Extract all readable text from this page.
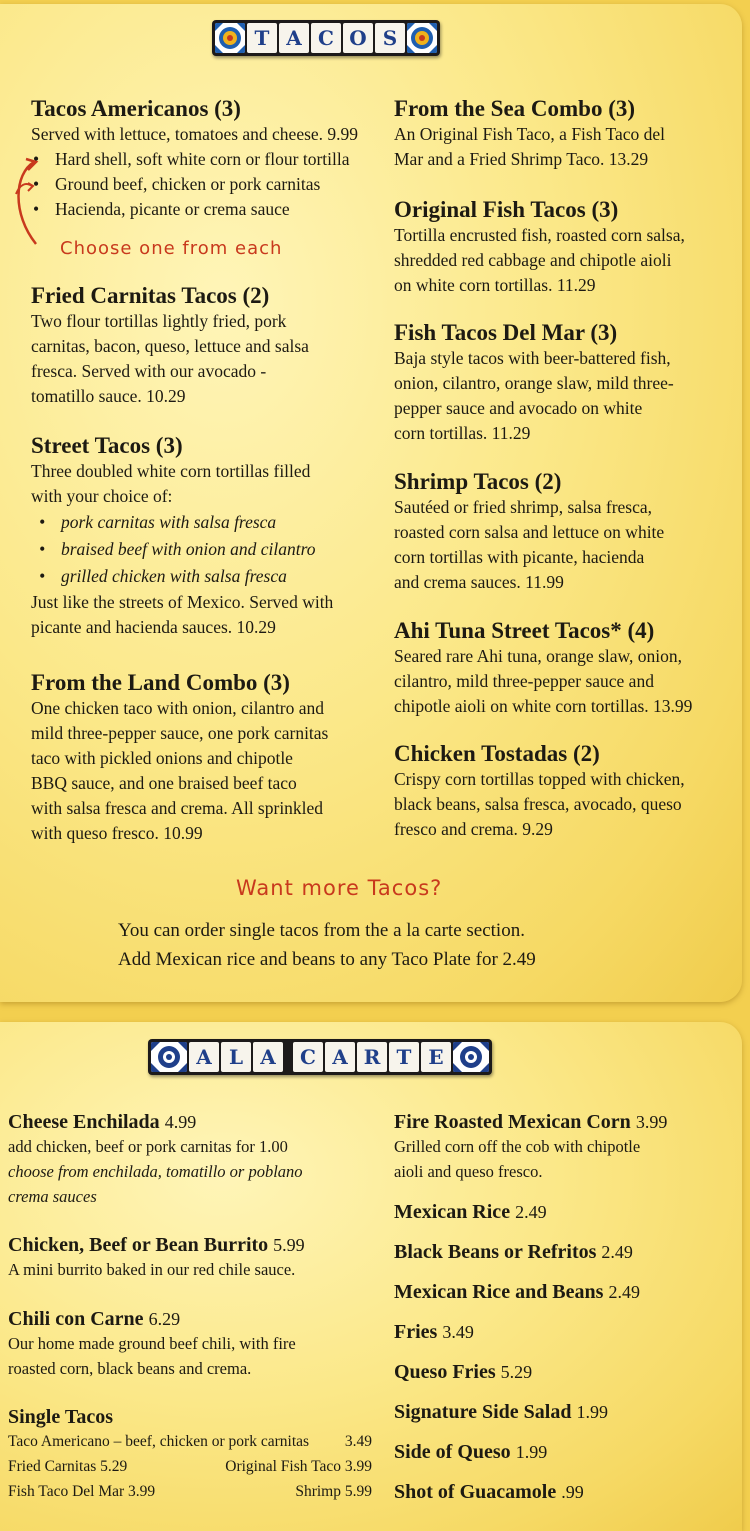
T A C O S
Tacos Americanos (3)
Served with lettuce, tomatoes and cheese. 9.99
• Hard shell, soft white corn or flour tortilla
• Ground beef, chicken or pork carnitas
• Hacienda, picante or crema sauce
Choose one from each
Fried Carnitas Tacos (2)
Two flour tortillas lightly fried, pork
carnitas, bacon, queso, lettuce and salsa
fresca. Served with our avocado -
tomatillo sauce. 10.29
Street Tacos (3)
Three doubled white corn tortillas filled
with your choice of:
• pork carnitas with salsa fresca
• braised beef with onion and cilantro
• grilled chicken with salsa fresca
Just like the streets of Mexico. Served with
picante and hacienda sauces. 10.29
From the Land Combo (3)
One chicken taco with onion, cilantro and
mild three-pepper sauce, one pork carnitas
taco with pickled onions and chipotle
BBQ sauce, and one braised beef taco
with salsa fresca and crema. All sprinkled
with queso fresco. 10.99
From the Sea Combo (3)
An Original Fish Taco, a Fish Taco del
Mar and a Fried Shrimp Taco. 13.29
Original Fish Tacos (3)
Tortilla encrusted fish, roasted corn salsa,
shredded red cabbage and chipotle aioli
on white corn tortillas. 11.29
Fish Tacos Del Mar (3)
Baja style tacos with beer-battered fish,
onion, cilantro, orange slaw, mild three-
pepper sauce and avocado on white
corn tortillas. 11.29
Shrimp Tacos (2)
Sautéed or fried shrimp, salsa fresca,
roasted corn salsa and lettuce on white
corn tortillas with picante, hacienda
and crema sauces. 11.99
Ahi Tuna Street Tacos* (4)
Seared rare Ahi tuna, orange slaw, onion,
cilantro, mild three-pepper sauce and
chipotle aioli on white corn tortillas. 13.99
Chicken Tostadas (2)
Crispy corn tortillas topped with chicken,
black beans, salsa fresca, avocado, queso
fresco and crema. 9.29
Want more Tacos?
You can order single tacos from the a la carte section.
Add Mexican rice and beans to any Taco Plate for 2.49
A L A	C A R T E
Cheese Enchilada 4.99
add chicken, beef or pork carnitas for 1.00
choose from enchilada, tomatillo or poblano
crema sauces
Chicken, Beef or Bean Burrito 5.99
A mini burrito baked in our red chile sauce.
Chili con Carne 6.29
Our home made ground beef chili, with fire
roasted corn, black beans and crema.
Single Tacos
Taco Americano – beef, chicken or pork carnitas 3.49
Fried Carnitas 5.29	Original Fish Taco 3.99
Fish Taco Del Mar 3.99	Shrimp 5.99
Fire Roasted Mexican Corn 3.99
Grilled corn off the cob with chipotle
aioli and queso fresco.
Mexican Rice 2.49
Black Beans or Refritos 2.49
Mexican Rice and Beans 2.49
Fries 3.49
Queso Fries 5.29
Signature Side Salad 1.99
Side of Queso 1.99
Shot of Guacamole .99
